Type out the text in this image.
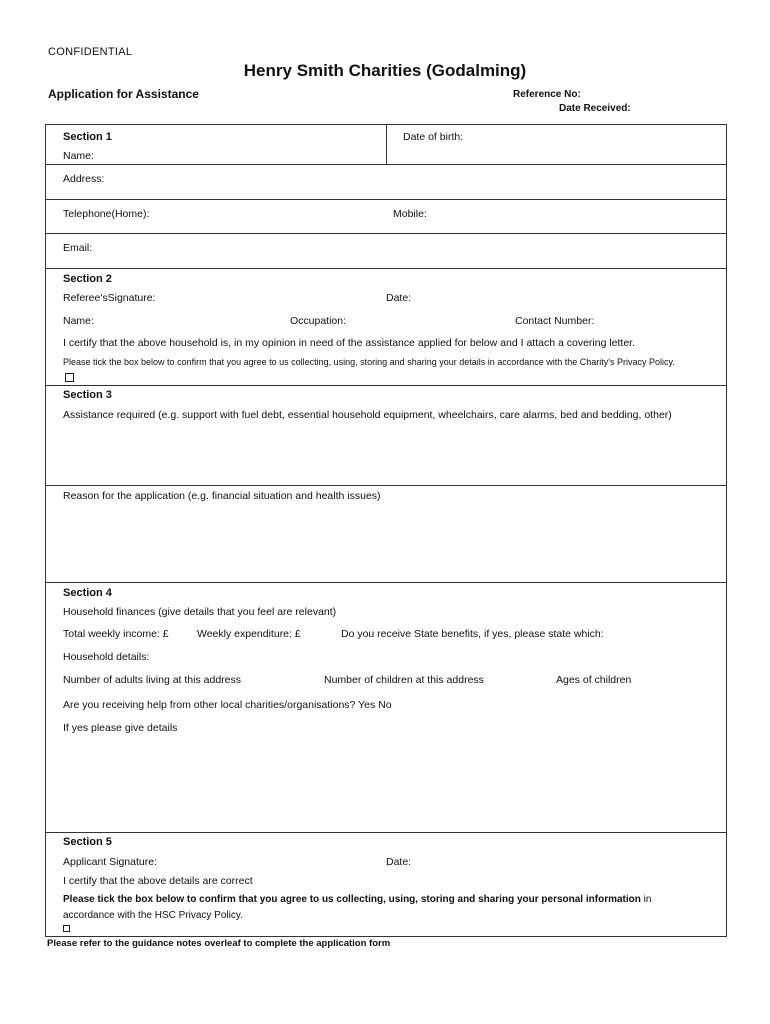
CONFIDENTIAL
Henry Smith Charities (Godalming)
Application for Assistance	Reference No:
Date Received:
Section 1
Name:
Date of birth:
Address:
Telephone(Home):	Mobile:
Email:
Section 2
Referee'sSignature:	Date:
Name:	Occupation:	Contact Number:
I certify that the above household is, in my opinion in need of the assistance applied for below and I attach a covering letter.
Please tick the box below to confirm that you agree to us collecting, using, storing and sharing your details in accordance with the Charity's Privacy Policy.
Section 3
Assistance required (e.g. support with fuel debt, essential household equipment, wheelchairs, care alarms, bed and bedding, other)
Reason for the application (e.g. financial situation and health issues)
Section 4
Household finances (give details that you feel are relevant)
Total weekly income: £	Weekly expenditure: £	Do you receive State benefits, if yes, please state which:
Household details:
Number of adults living at this address	Number of children at this address	Ages of children
Are you receiving help from other local charities/organisations? Yes No
If yes please give details
Section 5
Applicant Signature:	Date:
I certify that the above details are correct
Please tick the box below to confirm that you agree to us collecting, using, storing and sharing your personal information in
accordance with the HSC Privacy Policy.
Please refer to the guidance notes overleaf to complete the application form
